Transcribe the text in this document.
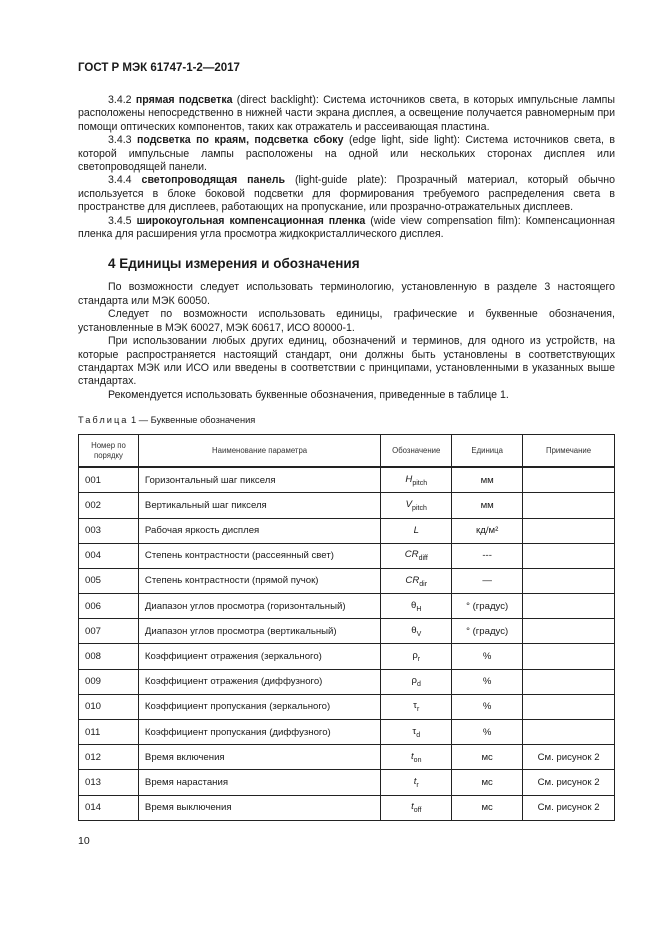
ГОСТ Р МЭК 61747-1-2—2017

3.4.2 прямая подсветка (direct backlight): Система источников света, в которых импульсные лампы расположены непосредственно в нижней части экрана дисплея, а освещение получается равномерным при помощи оптических компонентов, таких как отражатель и рассеивающая пластина.

3.4.3 подсветка по краям, подсветка сбоку (edge light, side light): Система источников света, в которой импульсные лампы расположены на одной или нескольких сторонах дисплея или светопроводящей панели.

3.4.4 светопроводящая панель (light-guide plate): Прозрачный материал, который обычно используется в блоке боковой подсветки для формирования требуемого распределения света в пространстве для дисплеев, работающих на пропускание, или прозрачно-отражательных дисплеев.

3.4.5 широкоугольная компенсационная пленка (wide view compensation film): Компенсационная пленка для расширения угла просмотра жидкокристаллического дисплея.

4 Единицы измерения и обозначения

По возможности следует использовать терминологию, установленную в разделе 3 настоящего стандарта или МЭК 60050.

Следует по возможности использовать единицы, графические и буквенные обозначения, установленные в МЭК 60027, МЭК 60617, ИСО 80000-1.

При использовании любых других единиц, обозначений и терминов, для одного из устройств, на которые распространяется настоящий стандарт, они должны быть установлены в соответствующих стандартах МЭК или ИСО или введены в соответствии с принципами, установленными в указанных выше стандартах.

Рекомендуется использовать буквенные обозначения, приведенные в таблице 1.

Таблица 1 — Буквенные обозначения
Номер по порядку	Наименование параметра	Обозначение	Единица	Примечание
001	Горизонтальный шаг пикселя	$H_{pitch}$	мм	
002	Вертикальный шаг пикселя	$V_{pitch}$	мм	
003	Рабочая яркость дисплея	L	кд/м²	
004	Степень контрастности (рассеянный свет)	$CR_{diff}$	---	
005	Степень контрастности (прямой пучок)	$CR_{dir}$	—	
006	Диапазон углов просмотра (горизонтальный)	$\theta_H$	° (градус)	
007	Диапазон углов просмотра (вертикальный)	$\theta_V$	° (градус)	
008	Коэффициент отражения (зеркального)	$\rho_r$	%	
009	Коэффициент отражения (диффузного)	$\rho_d$	%	
010	Коэффициент пропускания (зеркального)	$\tau_r$	%	
011	Коэффициент пропускания (диффузного)	$\tau_d$	%	
012	Время включения	$t_{on}$	мс	См. рисунок 2
013	Время нарастания	$t_r$	мс	См. рисунок 2
014	Время выключения	$t_{off}$	мс	См. рисунок 2
10
